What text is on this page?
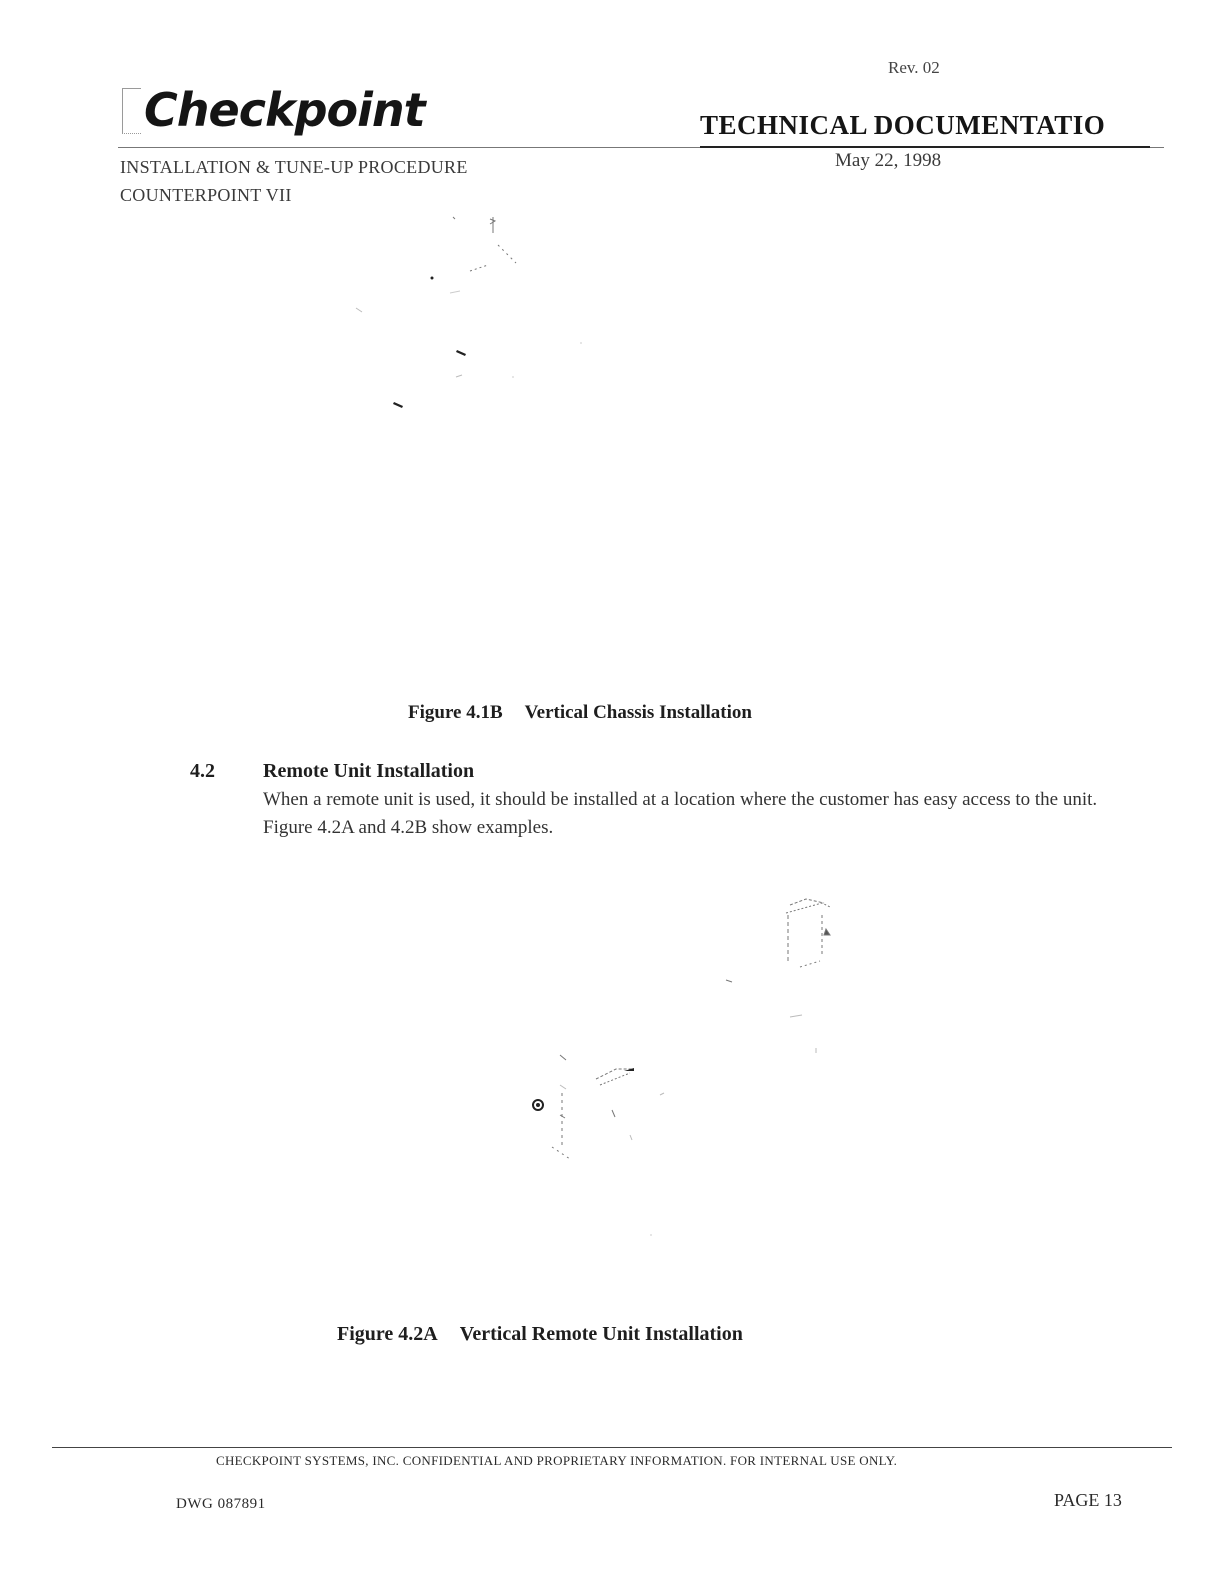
Checkpoint
Rev. 02
TECHNICAL DOCUMENTATIO
INSTALLATION & TUNE-UP PROCEDURE
COUNTERPOINT VII
May 22, 1998
Figure 4.1B Vertical Chassis Installation
4.2 Remote Unit Installation
When a remote unit is used, it should be installed at a location where the customer has easy access to the unit. Figure 4.2A and 4.2B show examples.
Figure 4.2A Vertical Remote Unit Installation
CHECKPOINT SYSTEMS, INC. CONFIDENTIAL AND PROPRIETARY INFORMATION. FOR INTERNAL USE ONLY.
DWG 087891	PAGE 13
